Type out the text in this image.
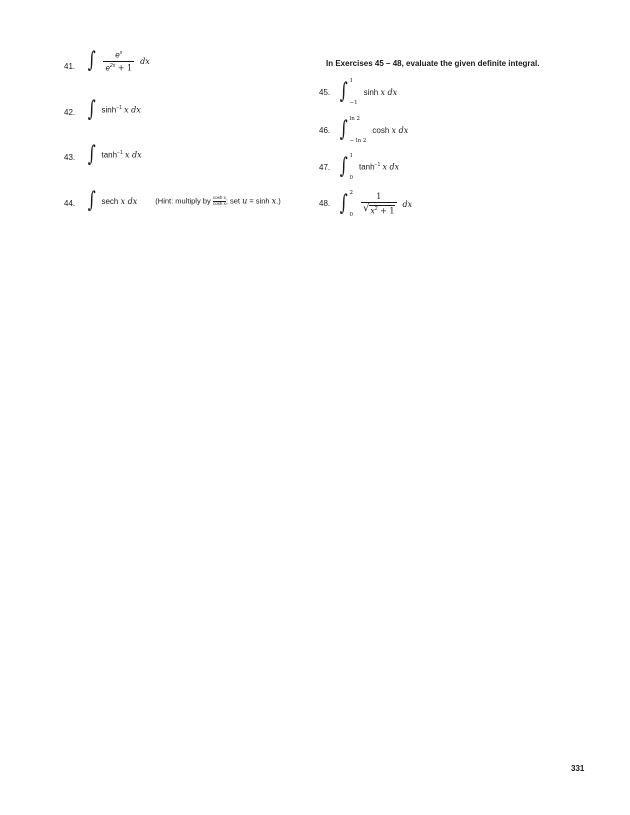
41. ∫ $\frac{e^x}{e^{2x} + 1}$ dx
42. ∫ $\sinh^{-1} x$ dx
43. ∫ $\tanh^{-1} x$ dx
44. ∫ sech x dx (Hint: multiply by $\frac{\text{cosh x}}{\text{cosh x}}$ ; set u = sinh x.)
In Exercises 45 – 48, evaluate the given definite integral.
45. ∫ 1
−1
sinh x dx
46. ∫ ln 2
− ln 2
cosh x dx
47. ∫ 1
0
$\tanh^{-1} x$ dx
48. ∫ 2
$0 \frac{1}{√ x^2 + 1}$ dx
331
